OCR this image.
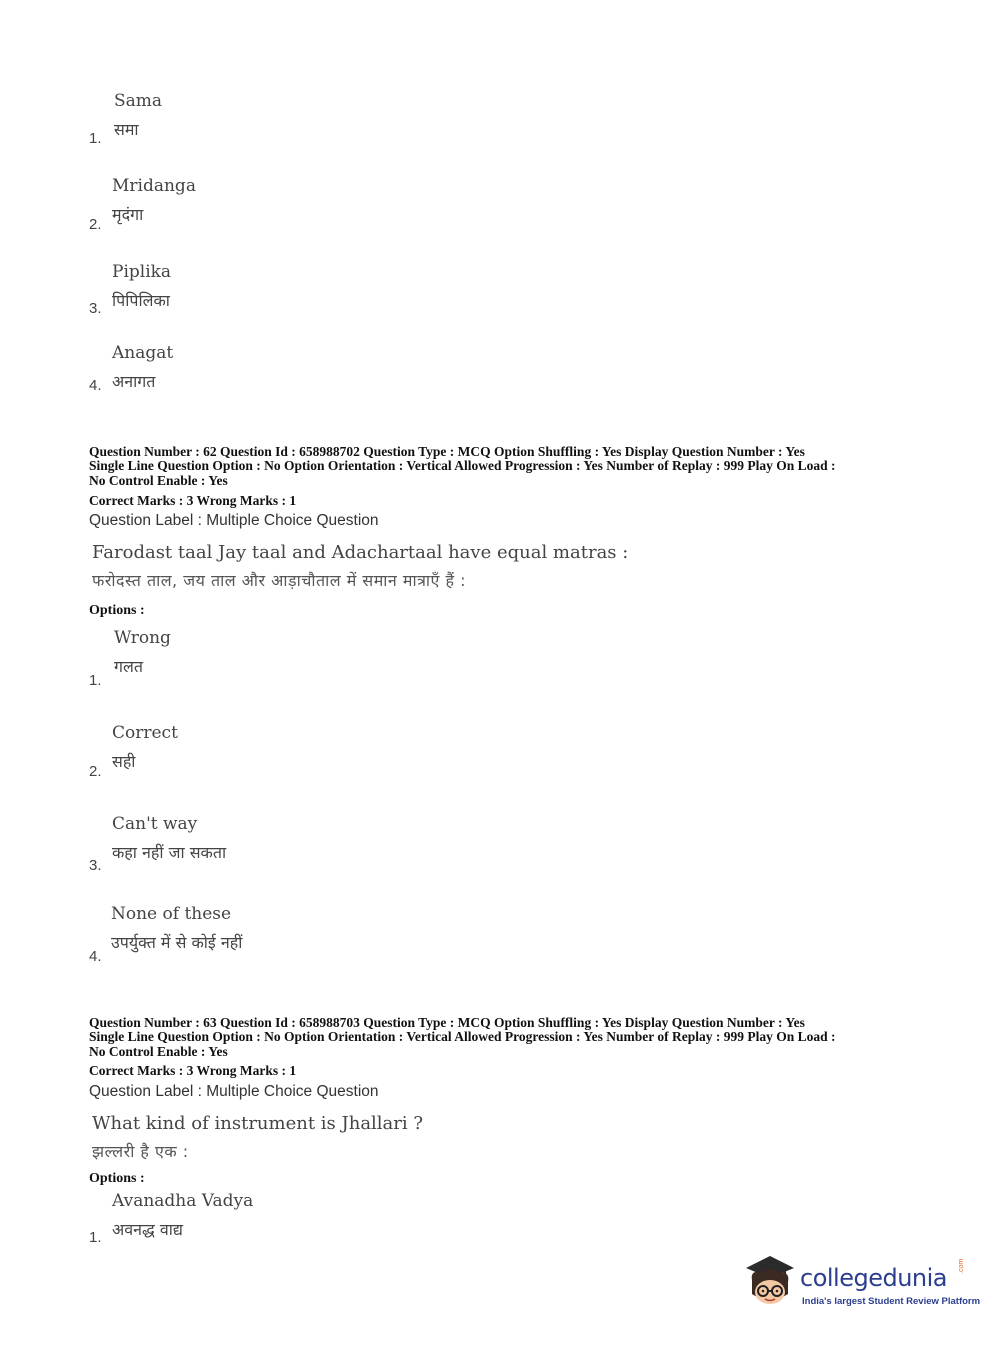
Sama
समा
1.
Mridanga
मृदंगा
2.
Piplika
पिपिलिका
3.
Anagat
अनागत
4.
Question Number : 62 Question Id : 658988702 Question Type : MCQ Option Shuffling : Yes Display Question Number : Yes
Single Line Question Option : No Option Orientation : Vertical Allowed Progression : Yes Number of Replay : 999 Play On Load :
No Control Enable : Yes
Correct Marks : 3 Wrong Marks : 1
Question Label : Multiple Choice Question
Farodast taal Jay taal and Adachartaal have equal matras :
फरोदस्त ताल, जय ताल और आड़ाचौताल में समान मात्राएँ हैं :
Options :
Wrong
गलत
1.
Correct
सही
2.
Can't way
कहा नहीं जा सकता
3.
None of these
उपर्युक्त में से कोई नहीं
4.
Question Number : 63 Question Id : 658988703 Question Type : MCQ Option Shuffling : Yes Display Question Number : Yes
Single Line Question Option : No Option Orientation : Vertical Allowed Progression : Yes Number of Replay : 999 Play On Load :
No Control Enable : Yes
Correct Marks : 3 Wrong Marks : 1
Question Label : Multiple Choice Question
What kind of instrument is Jhallari ?
झल्लरी है एक :
Options :
Avanadha Vadya
अवनद्ध वाद्य
1.
collegedunia .com
India's largest Student Review Platform
